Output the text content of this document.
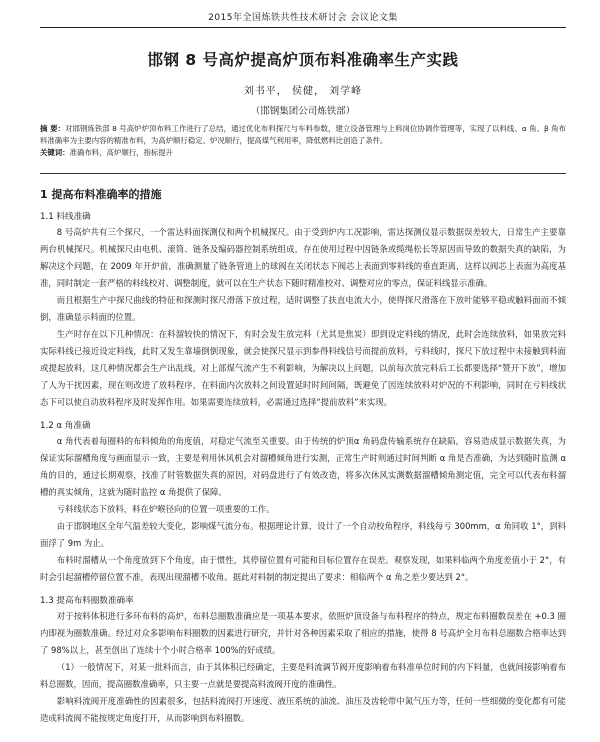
2015年全国炼铁共性技术研讨会 会议论文集
邯钢 8 号高炉提高炉顶布料准确率生产实践
刘书平， 侯健， 刘学峰
（邯钢集团公司炼铁部）
摘 要：对邯钢炼铁部 8 号高炉炉顶布料工作进行了总结，通过优化布料探尺与车料参数，建立设备管理与上料岗位协调作管理等，实现了以料线、α 角、β 角布料准确率为主要内容的精准布料，为高炉顺行稳定、炉况顺行，提高煤气利用率，降低燃料比创造了条件。
关键词：准确布料，高炉顺行，指标提升
1 提高布料准确率的措施
1.1 料线准确

8 号高炉共有三个探尺，一个雷达料面探测仪和两个机械探尺。由于受到炉内工况影响，雷达探测仪显示数据误差较大，日常生产主要靠两台机械探尺。机械探尺由电机、滚筒、链条及编码器控制系统组成，存在使用过程中因链条或缆绳松长等原因而导致的数据失真的缺陷，为解决这个问题，在 2009 年开炉前，准确测量了链条管道上的球阀在关闭状态下阀芯上表面到零料线的垂直距离，这样以阀芯上表面为高度基准，同时制定一套严格的料线校对、调整制度，就可以在生产状态下随时精准校对、调整对应的零点，保证料线显示准确。

而且根据生产中探尺曲线的特征和探测时探尺滑落下放过程，适时调整了扶直电流大小，使得探尺滑落在下放叶能够平稳或触料面而不倾倒，准确显示料面的位置。

生产时存在以下几种情况：在料溜较快的情况下，有时会发生放完料（尤其是焦炭）即到设定料线的情况，此时会连续放料，如果放完料实际料线已接近设定料线，此时又发生靠墙倒倒现象，就会使探尺显示到参得料线信号而提前放料，亏料线时，探尺下放过程中未接触到料面或提起放料，这几种情况都会生产出乱线，对上部煤气流产生不利影响，为解决以上问题，以前每次放完料后工长都要选择“赞开下放”，增加了人为干扰因素，现在则改进了放料程序，在料面内次放料之间设置延时时间间隔，既避免了因连续放料对炉况的不利影响，同时在亏料线状态下可以使自动放料程序及时发挥作用。如果需要连续放料，必需通过选择“提前放料”来实现。

1.2 α 角准确

α 角代表着每圈料的布料倾角的角度值，对稳定气流至关重要。由于传统的炉顶α 角码盘传输系统存在缺陷，容易造成显示数据失真，为保证实际溜槽角度与画面显示一致，主要是利用休风机会对溜槽倾角进行实测，正常生产时则通过时间判断 α 角是否准确，为达到随时监测 α 角的目的，通过长期观察，找准了时管数据失真的原因，对码盘进行了有效改造，将多次休风实测数据溜槽倾角测定值，完全可以代表布料溜槽的真实倾角，这就为随时监控 α 角提供了保障。

亏料线状态下放料，料在炉喉径向的位置一项重要的工作。

由于邯钢地区全年气温差较大变化，影响煤气流分布。根据理论计算，设计了一个自动校角程序，料线每亏 300mm，α 角同收 1°，到料面浮了 9m 为止。

布料时溜槽从一个角度放到下个角度，由于惯性，其停留位置有可能和目标位置存在误差。观察发现，如果料临两个角度差值小于 2°，有时会引起溜槽停留位置不准，表现出现溜槽不收角。据此对料制的制定提出了要求：相临两个 α 角之差少要达到 2°。

1.3 提高布料圈数准确率

对于按料体积进行多环布料的高炉，布料总圈数准确应是一项基本要求，依照炉顶设备与布料程序的特点，规定布料圈数误差在 +0.3 圈内即视为圈数准确。经过对众多影响布料圈数的因素进行研究，并针对各种因素采取了相应的措施，使得 8 号高炉全月布料总圈数合格率达到了 98%以上，甚至创出了连续十个小时合格率 100%的好成绩。

（1）一般情况下，对某一批料而言，由于其体积已经确定，主要是料流调节阀开度影响着布料准单位时间的内下料量，也就间接影响着布料总圈数，因而，提高圈数准确率，只主要一点就是要提高料流阀开度的准确性。

影响料流阀开度准确性的因素很多，包括料流阀打开速度、液压系统的油流、油压及齿轮带中氮气压力等，任何一些细微的变化都有可能造成料流阀不能按规定角度打开，从而影响到布料圈数。
